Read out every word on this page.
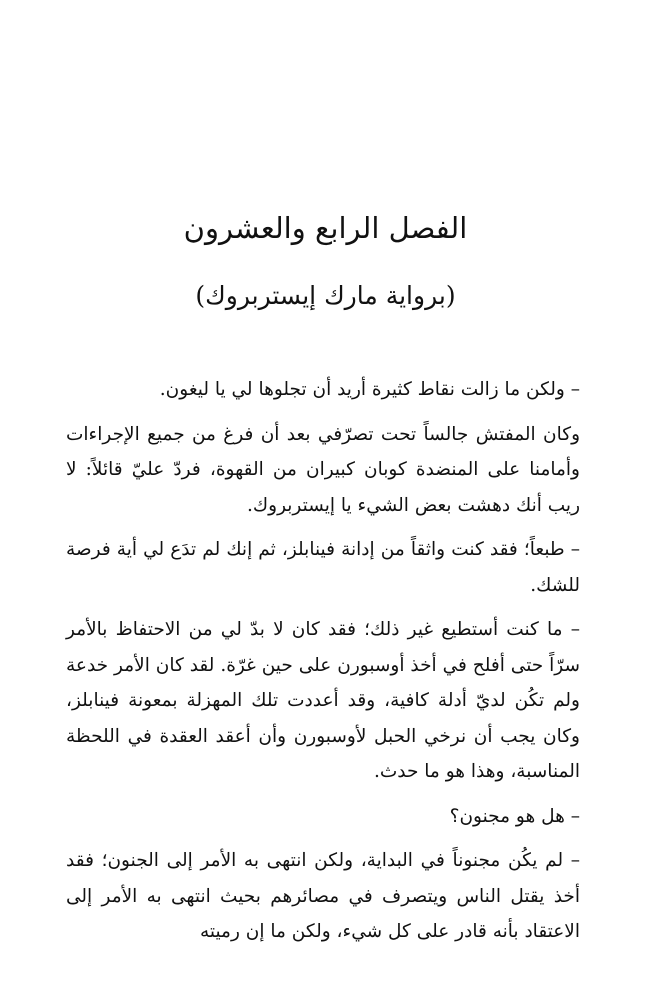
الفصل الرابع والعشرون
(برواية مارك إيستربروك)

– ولكن ما زالت نقاط كثيرة أريد أن تجلوها لي يا ليغون.

وكان المفتش جالساً تحت تصرّفي بعد أن فرغ من جميع الإجراءات وأمامنا على المنضدة كوبان كبيران من القهوة، فردّ عليّ قائلاً: لا ريب أنك دهشت بعض الشيء يا إيستربروك.

– طبعاً؛ فقد كنت واثقاً من إدانة فينابلز، ثم إنك لم تدَع لي أية فرصة للشك.

– ما كنت أستطيع غير ذلك؛ فقد كان لا بدّ لي من الاحتفاظ بالأمر سرّاً حتى أفلح في أخذ أوسبورن على حين غرّة. لقد كان الأمر خدعة ولم تكُن لديّ أدلة كافية، وقد أعددت تلك المهزلة بمعونة فينابلز، وكان يجب أن نرخي الحبل لأوسبورن وأن أعقد العقدة في اللحظة المناسبة، وهذا هو ما حدث.

– هل هو مجنون؟

– لم يكُن مجنوناً في البداية، ولكن انتهى به الأمر إلى الجنون؛ فقد أخذ يقتل الناس ويتصرف في مصائرهم بحيث انتهى به الأمر إلى الاعتقاد بأنه قادر على كل شيء، ولكن ما إن رميته
